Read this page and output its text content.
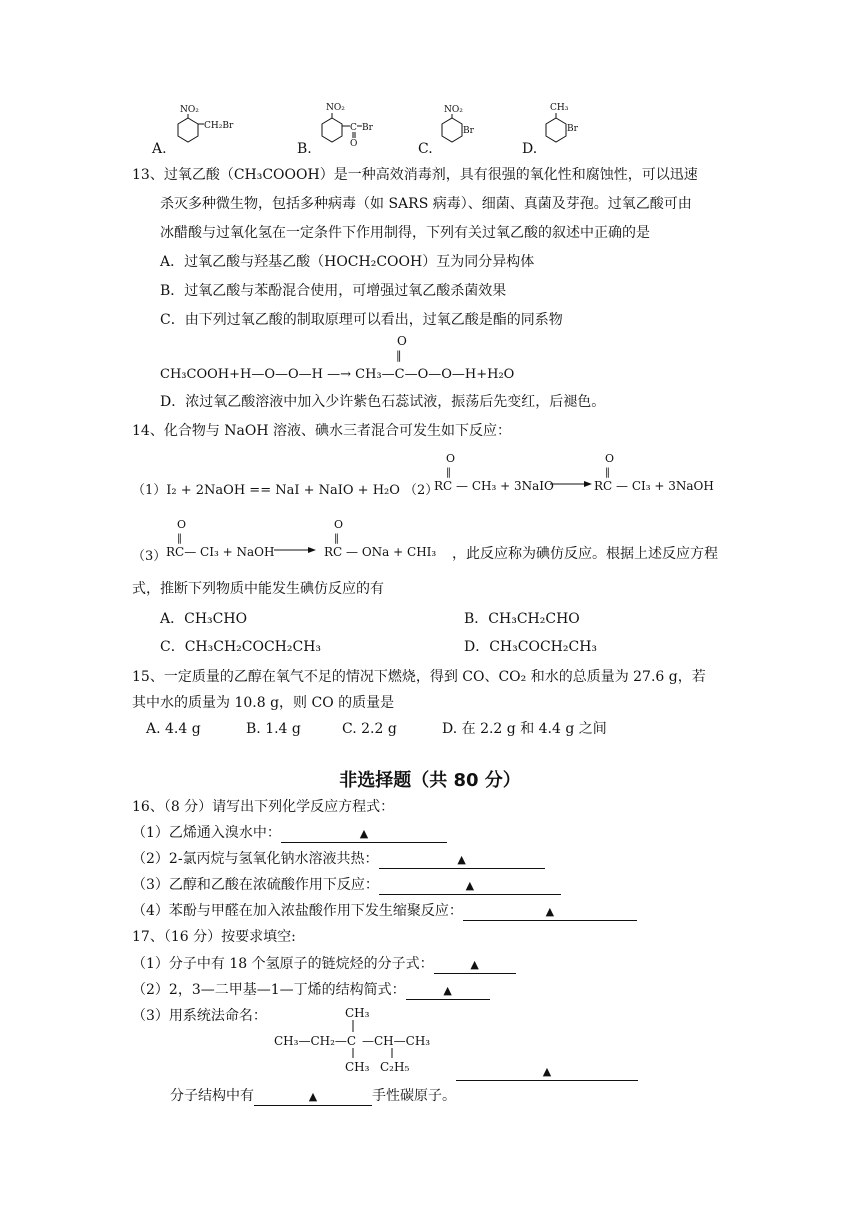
A.
NO₂
CH₂Br
B.
NO₂
C
O
Br
C.
NO₂
Br
D.
CH₃
Br
13、过氧乙酸（CH₃COOOH）是一种高效消毒剂，具有很强的氧化性和腐蚀性，可以迅速
杀灭多种微生物，包括多种病毒（如 SARS 病毒）、细菌、真菌及芽孢。过氧乙酸可由
冰醋酸与过氧化氢在一定条件下作用制得，下列有关过氧乙酸的叙述中正确的是
A．过氧乙酸与羟基乙酸（HOCH₂COOH）互为同分异构体
B．过氧乙酸与苯酚混合使用，可增强过氧乙酸杀菌效果
C．由下列过氧乙酸的制取原理可以看出，过氧乙酸是酯的同系物
O
‖
CH₃COOH+H—O—O—H —→ CH₃—C—O—O—H+H₂O
D．浓过氧乙酸溶液中加入少许紫色石蕊试液，振荡后先变红，后褪色。
14、化合物与 NaOH 溶液、碘水三者混合可发生如下反应：
（1）I₂ + 2NaOH == NaI + NaIO + H₂O （2）
O
‖
RC — CH₃ + 3NaIO
O
‖
RC — CI₃ + 3NaOH
（3）
O
‖
RC— CI₃ + NaOH →
O
‖
RC — ONa + CHI₃ ，此反应称为碘仿反应。根据上述反应方程
式，推断下列物质中能发生碘仿反应的有
A．CH₃CHO	B．CH₃CH₂CHO
C．CH₃CH₂COCH₂CH₃	D．CH₃COCH₂CH₃
15、一定质量的乙醇在氧气不足的情况下燃烧，得到 CO、CO₂ 和水的总质量为 27.6 g，若
其中水的质量为 10.8 g，则 CO 的质量是
A. 4.4 g	B. 1.4 g	C. 2.2 g	D. 在 2.2 g 和 4.4 g 之间
非选择题（共 80 分）
16、（8 分）请写出下列化学反应方程式：
（1）乙烯通入溴水中：	▲
（2）2-氯丙烷与氢氧化钠水溶液共热：	▲
（3）乙醇和乙酸在浓硫酸作用下反应：	▲
（4）苯酚与甲醛在加入浓盐酸作用下发生缩聚反应：	▲
17、（16 分）按要求填空:
（1）分子中有 18 个氢原子的链烷烃的分子式：	▲
（2）2，3—二甲基—1—丁烯的结构简式：	▲
（3）用系统法命名：	CH₃
CH₃—CH₂—C —CH—CH₃
CH₃ C₂H₅	▲
分子结构中有	▲	手性碳原子。
